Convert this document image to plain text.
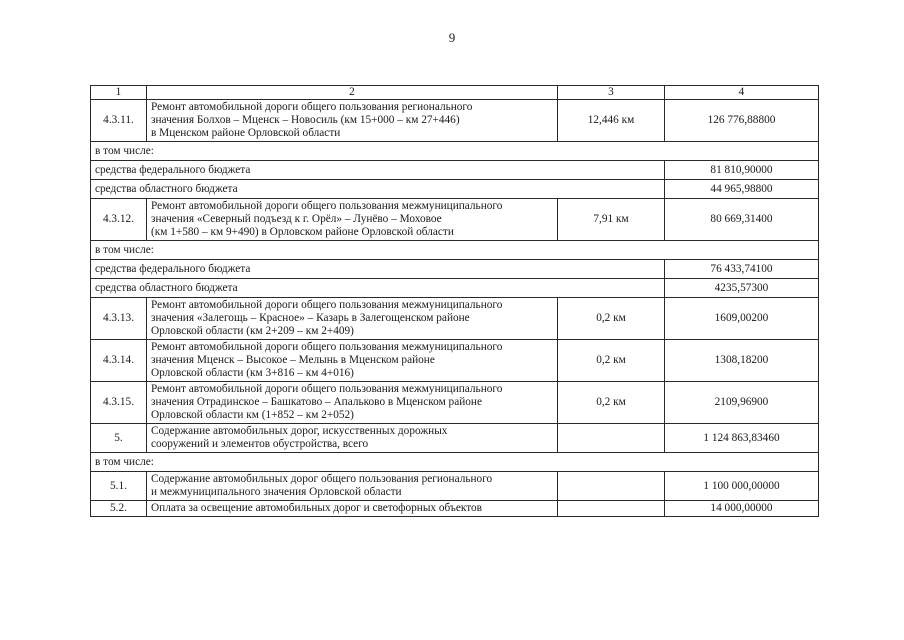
9
1	2	3	4
4.3.11.	Ремонт автомобильной дороги общего пользования регионального
значения Болхов – Мценск – Новосиль (км 15+000 – км 27+446)
в Мценском районе Орловской области	12,446 км	126 776,88800
в том числе:			
средства федерального бюджета			81 810,90000
средства областного бюджета			44 965,98800
4.3.12.	Ремонт автомобильной дороги общего пользования межмуниципального
значения «Северный подъезд к г. Орёл» – Лунёво – Моховое
(км 1+580 – км 9+490) в Орловском районе Орловской области	7,91 км	80 669,31400
в том числе:			
средства федерального бюджета			76 433,74100
средства областного бюджета			4235,57300
4.3.13.	Ремонт автомобильной дороги общего пользования межмуниципального
значения «Залегощь – Красное» – Казарь в Залегощенском районе
Орловской области (км 2+209 – км 2+409)	0,2 км	1609,00200
4.3.14.	Ремонт автомобильной дороги общего пользования межмуниципального
значения Мценск – Высокое – Мелынь в Мценском районе
Орловской области (км 3+816 – км 4+016)	0,2 км	1308,18200
4.3.15.	Ремонт автомобильной дороги общего пользования межмуниципального
значения Отрадинское – Башкатово – Апальково в Мценском районе
Орловской области км (1+852 – км 2+052)	0,2 км	2109,96900
5.	Содержание автомобильных дорог, искусственных дорожных
сооружений и элементов обустройства, всего		1 124 863,83460
в том числе:			
5.1.	Содержание автомобильных дорог общего пользования регионального
и межмуниципального значения Орловской области		1 100 000,00000
5.2.	Оплата за освещение автомобильных дорог и светофорных объектов		14 000,00000
